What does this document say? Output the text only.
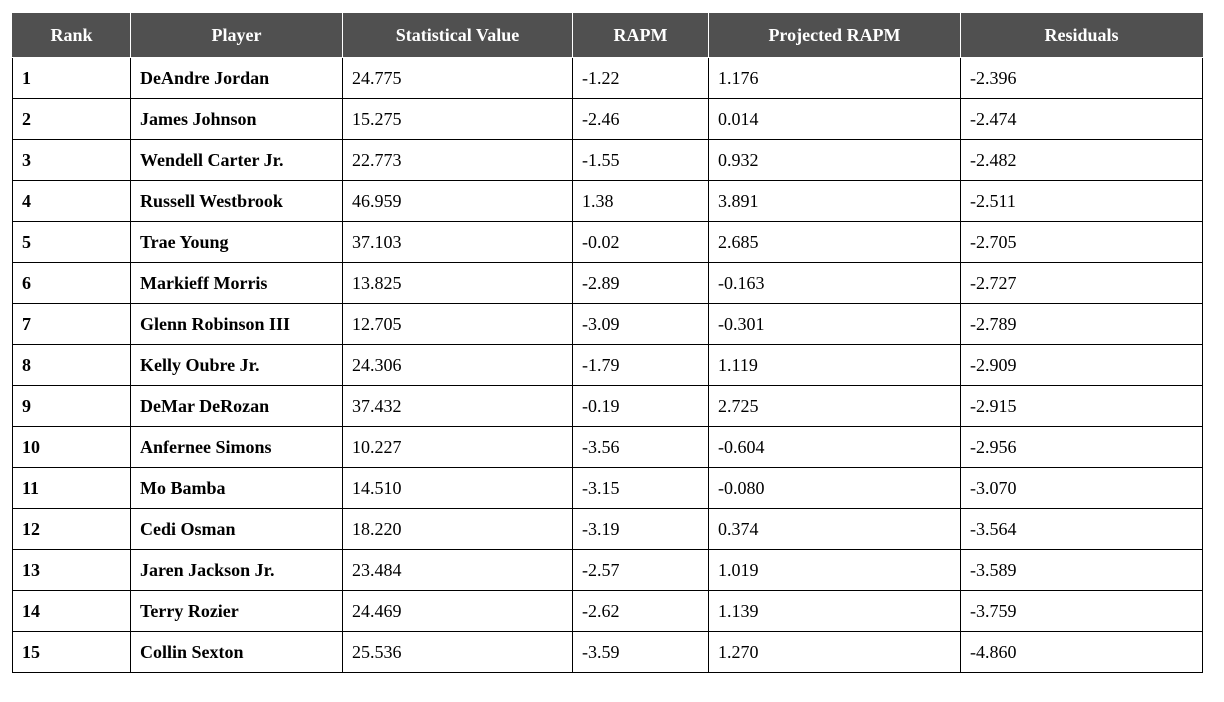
Rank	Player	Statistical Value	RAPM	Projected RAPM	Residuals
1	DeAndre Jordan	24.775	-1.22	1.176	-2.396
2	James Johnson	15.275	-2.46	0.014	-2.474
3	Wendell Carter Jr.	22.773	-1.55	0.932	-2.482
4	Russell Westbrook	46.959	1.38	3.891	-2.511
5	Trae Young	37.103	-0.02	2.685	-2.705
6	Markieff Morris	13.825	-2.89	-0.163	-2.727
7	Glenn Robinson III	12.705	-3.09	-0.301	-2.789
8	Kelly Oubre Jr.	24.306	-1.79	1.119	-2.909
9	DeMar DeRozan	37.432	-0.19	2.725	-2.915
10	Anfernee Simons	10.227	-3.56	-0.604	-2.956
11	Mo Bamba	14.510	-3.15	-0.080	-3.070
12	Cedi Osman	18.220	-3.19	0.374	-3.564
13	Jaren Jackson Jr.	23.484	-2.57	1.019	-3.589
14	Terry Rozier	24.469	-2.62	1.139	-3.759
15	Collin Sexton	25.536	-3.59	1.270	-4.860
